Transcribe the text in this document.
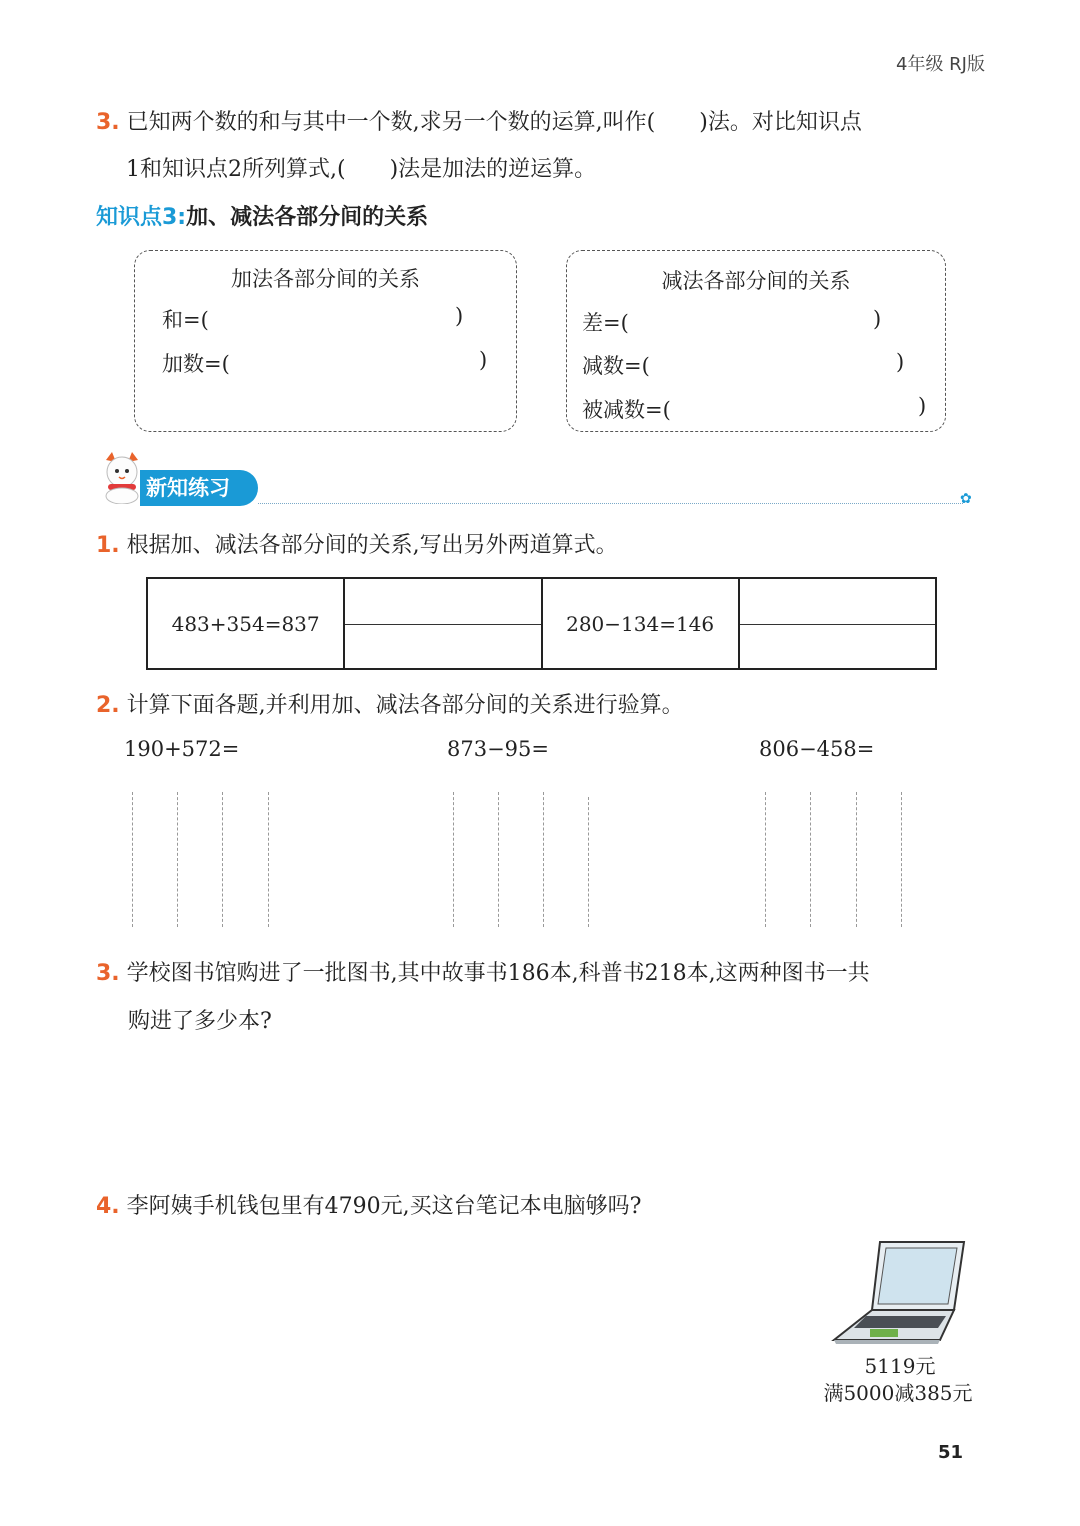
4年级 RJ版
3. 已知两个数的和与其中一个数,求另一个数的运算,叫作(　　)法。对比知识点
1和知识点2所列算式,(　　)法是加法的逆运算。
知识点3:加、减法各部分间的关系
加法各部分间的关系
和=(	)
加数=(	)
减法各部分间的关系
差=(	)
减数=(	)
被减数=(	)
新知练习	✿
1. 根据加、减法各部分间的关系,写出另外两道算式。
483+354=837		280−134=146	
2. 计算下面各题,并利用加、减法各部分间的关系进行验算。
190+572=	873−95=	806−458=
3. 学校图书馆购进了一批图书,其中故事书186本,科普书218本,这两种图书一共
购进了多少本?
4. 李阿姨手机钱包里有4790元,买这台笔记本电脑够吗?
5119元
满5000减385元
51
